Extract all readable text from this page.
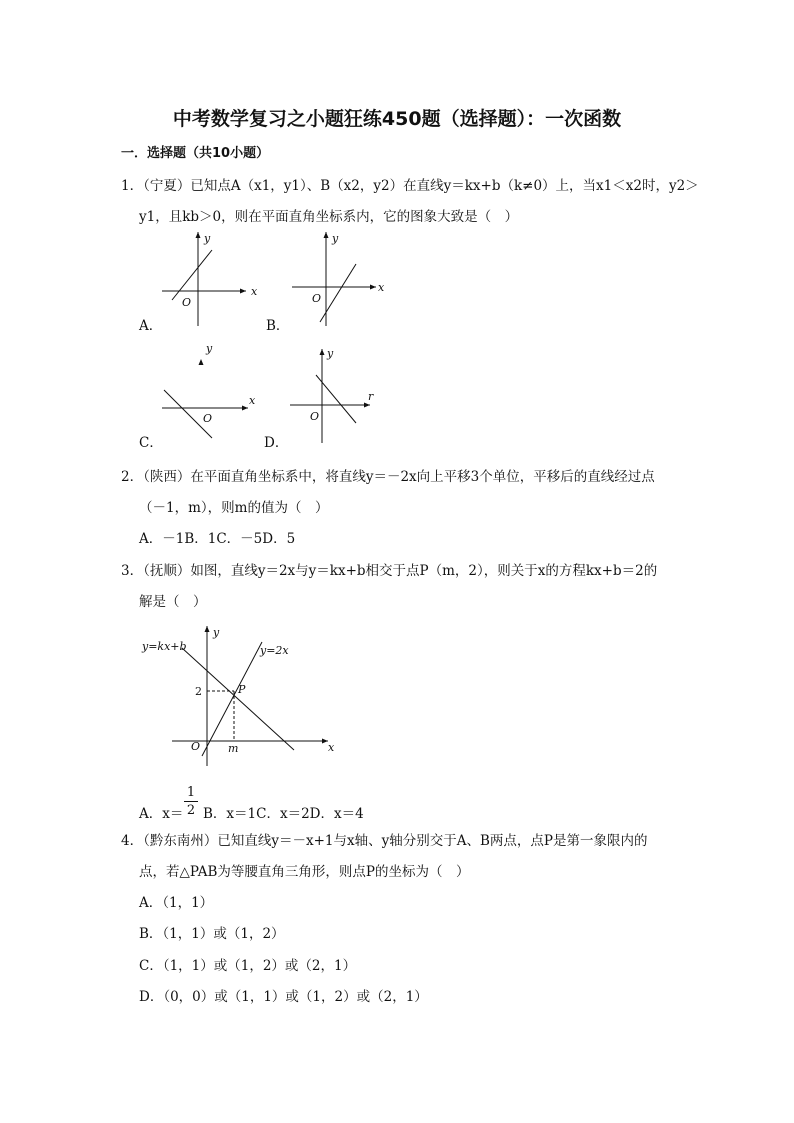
中考数学复习之小题狂练450题（选择题）：一次函数
一．选择题（共10小题）
1．（宁夏）已知点A（x1，y1）、B（x2，y2）在直线y＝kx+b（k≠0）上，当x1＜x2时，y2＞
y1，且kb＞0，则在平面直角坐标系内，它的图象大致是（　）
y
x
O
A．
y
x
O
B．
y
x
O
C．
y
r
O
D．
2．（陕西）在平面直角坐标系中，将直线y＝－2x向上平移3个单位，平移后的直线经过点
（－1，m），则m的值为（　）
A．－1B．1C．－5D．5
3．（抚顺）如图，直线y＝2x与y＝kx+b相交于点P（m，2），则关于x的方程kx+b＝2的
解是（　）
y=kx+b	y=2x
y
x
O
2	P
m
A．x＝
1
2 B．x＝1C．x＝2D．x＝4
4．（黔东南州）已知直线y＝－x+1与x轴、y轴分别交于A、B两点，点P是第一象限内的
点，若△PAB为等腰直角三角形，则点P的坐标为（　）
A．（1，1）
B．（1，1）或（1，2）
C．（1，1）或（1，2）或（2，1）
D．（0，0）或（1，1）或（1，2）或（2，1）
